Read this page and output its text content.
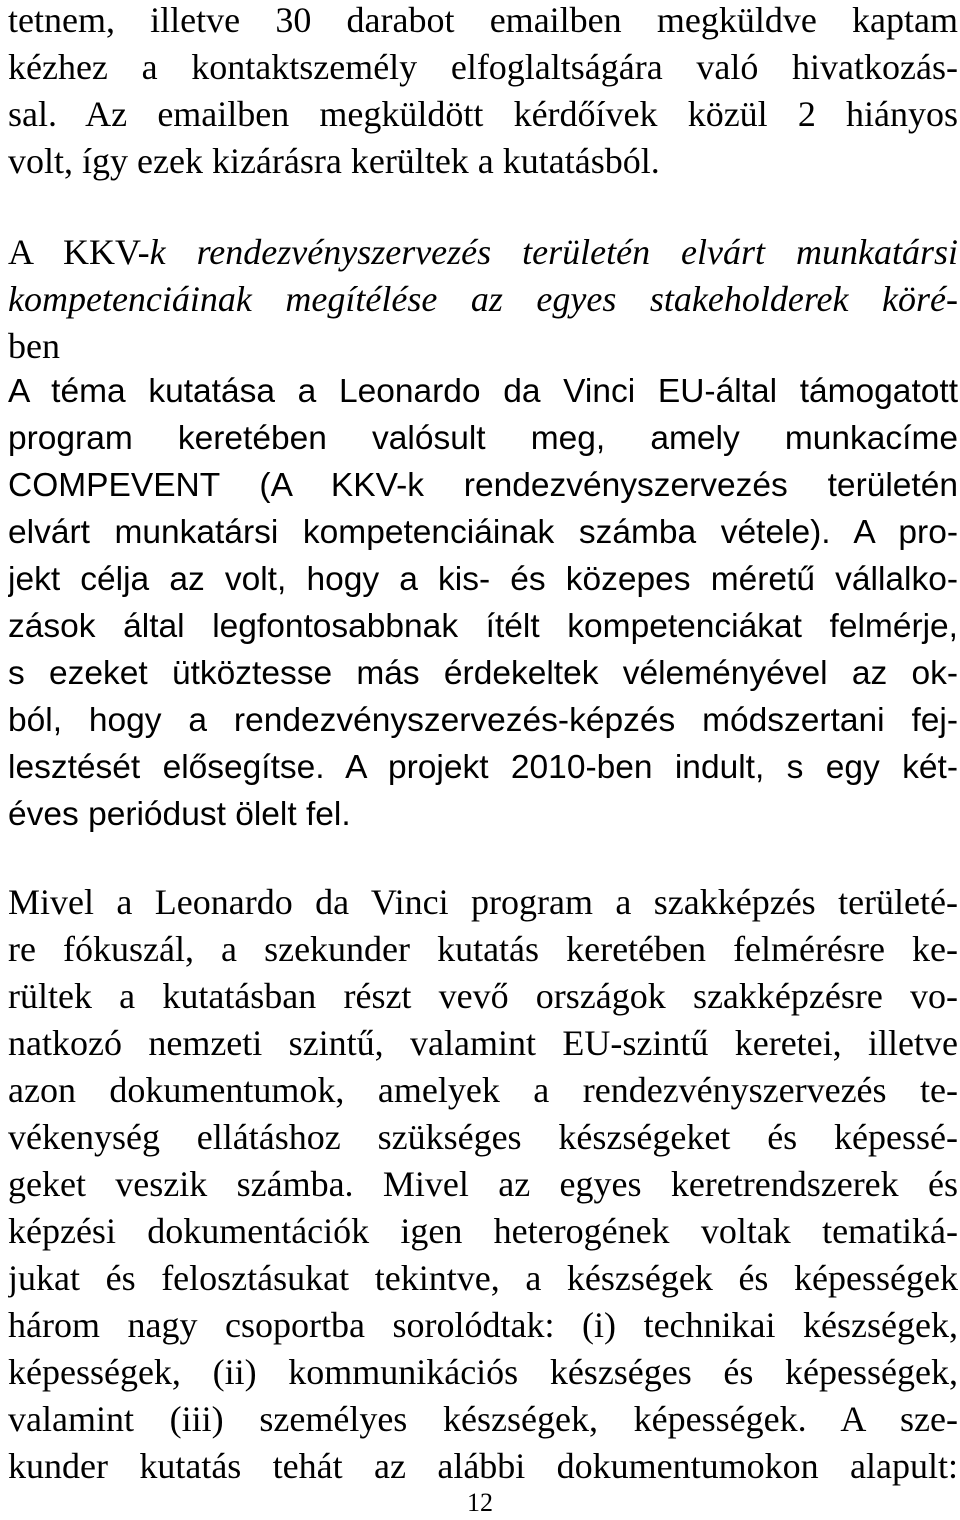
tetnem, illetve 30 darabot emailben megküldve kaptam
kézhez a kontaktszemély elfoglaltságára való hivatkozás-
sal. Az emailben megküldött kérdőívek közül 2 hiányos
volt, így ezek kizárásra kerültek a kutatásból.
A KKV-k rendezvényszervezés területén elvárt munkatársi
kompetenciáinak megítélése az egyes stakeholderek köré-
ben
A téma kutatása a Leonardo da Vinci EU-által támogatott
program keretében valósult meg, amely munkacíme
COMPEVENT (A KKV-k rendezvényszervezés területén
elvárt munkatársi kompetenciáinak számba vétele). A pro-
jekt célja az volt, hogy a kis- és közepes méretű vállalko-
zások által legfontosabbnak ítélt kompetenciákat felmérje,
s ezeket ütköztesse más érdekeltek véleményével az ok-
ból, hogy a rendezvényszervezés-képzés módszertani fej-
lesztését elősegítse. A projekt 2010-ben indult, s egy két-
éves periódust ölelt fel.
Mivel a Leonardo da Vinci program a szakképzés területé-
re fókuszál, a szekunder kutatás keretében felmérésre ke-
rültek a kutatásban részt vevő országok szakképzésre vo-
natkozó nemzeti szintű, valamint EU-szintű keretei, illetve
azon dokumentumok, amelyek a rendezvényszervezés te-
vékenység ellátáshoz szükséges készségeket és képessé-
geket veszik számba. Mivel az egyes keretrendszerek és
képzési dokumentációk igen heterogének voltak tematiká-
jukat és felosztásukat tekintve, a készségek és képességek
három nagy csoportba sorolódtak: (i) technikai készségek,
képességek, (ii) kommunikációs készséges és képességek,
valamint (iii) személyes készségek, képességek. A sze-
kunder kutatás tehát az alábbi dokumentumokon alapult:
12
